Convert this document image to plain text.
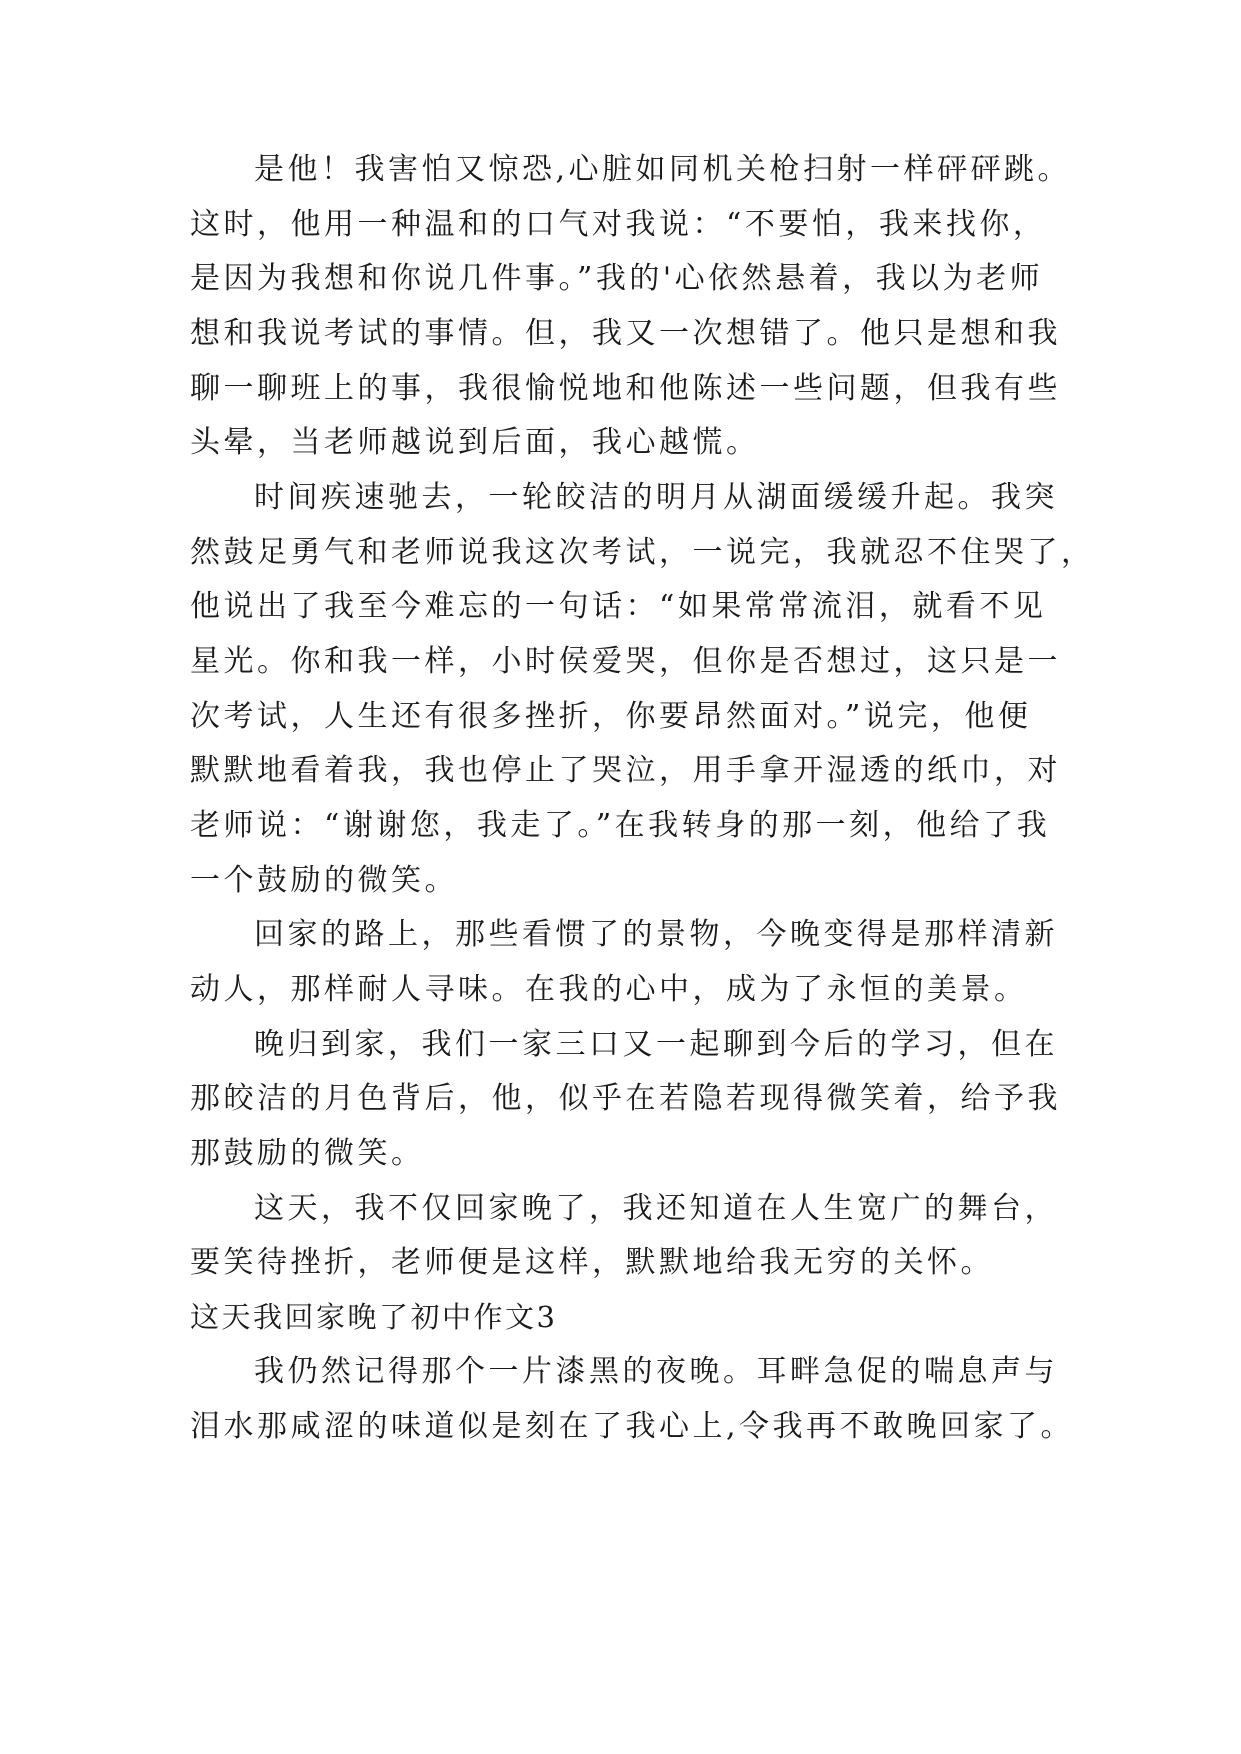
是他！我害怕又惊恐,心脏如同机关枪扫射一样砰砰跳。

这时，他用一种温和的口气对我说：“不要怕，我来找你，

是因为我想和你说几件事。”我的'心依然悬着，我以为老师

想和我说考试的事情。但，我又一次想错了。他只是想和我

聊一聊班上的事，我很愉悦地和他陈述一些问题，但我有些

头晕，当老师越说到后面，我心越慌。

时间疾速驰去，一轮皎洁的明月从湖面缓缓升起。我突

然鼓足勇气和老师说我这次考试，一说完，我就忍不住哭了，

他说出了我至今难忘的一句话：“如果常常流泪，就看不见

星光。你和我一样，小时侯爱哭，但你是否想过，这只是一

次考试，人生还有很多挫折，你要昂然面对。”说完，他便

默默地看着我，我也停止了哭泣，用手拿开湿透的纸巾，对

老师说：“谢谢您，我走了。”在我转身的那一刻，他给了我

一个鼓励的微笑。

回家的路上，那些看惯了的景物，今晚变得是那样清新

动人，那样耐人寻味。在我的心中，成为了永恒的美景。

晚归到家，我们一家三口又一起聊到今后的学习，但在

那皎洁的月色背后，他，似乎在若隐若现得微笑着，给予我

那鼓励的微笑。

这天，我不仅回家晚了，我还知道在人生宽广的舞台，

要笑待挫折，老师便是这样，默默地给我无穷的关怀。

这天我回家晚了初中作文3

我仍然记得那个一片漆黑的夜晚。耳畔急促的喘息声与

泪水那咸涩的味道似是刻在了我心上,令我再不敢晚回家了。
